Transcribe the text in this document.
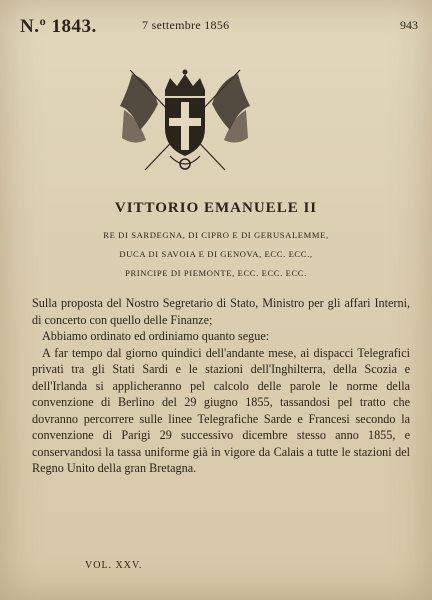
N.º 1843.	7 settembre 1856	943
VITTORIO EMANUELE II
RE DI SARDEGNA, DI CIPRO E DI GERUSALEMME,
DUCA DI SAVOIA E DI GENOVA, ECC. ECC.,
PRINCIPE DI PIEMONTE, ECC. ECC. ECC.

Sulla proposta del Nostro Segretario di Stato, Ministro per gli affari Interni, di concerto con quello delle Finanze;

Abbiamo ordinato ed ordiniamo quanto segue:

A far tempo dal giorno quindici dell'andante mese, ai dispacci Telegrafici privati tra gli Stati Sardi e le stazioni dell'Inghilterra, della Scozia e dell'Irlanda si applicheranno pel calcolo delle parole le norme della convenzione di Berlino del 29 giugno 1855, tassandosi pel tratto che dovranno percorrere sulle linee Telegrafiche Sarde e Francesi secondo la convenzione di Parigi 29 successivo dicembre stesso anno 1855, e conservandosi la tassa uniforme già in vigore da Calais a tutte le stazioni del Regno Unito della gran Bretagna.

VOL. XXV.
